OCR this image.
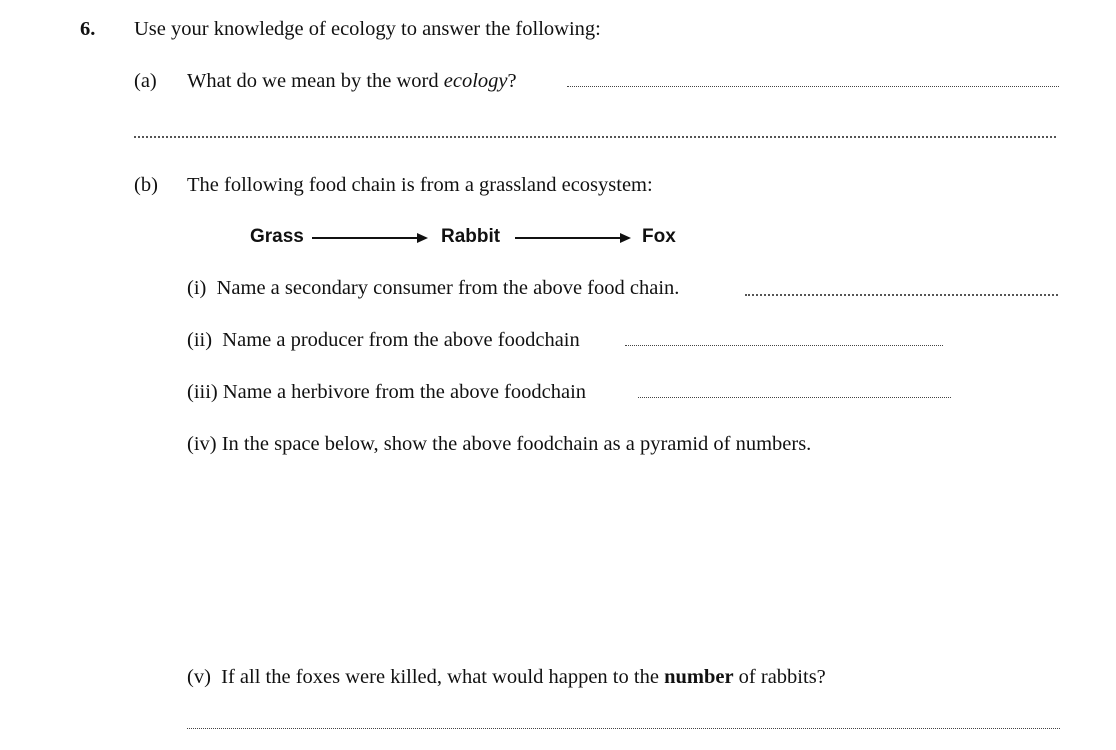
6. Use your knowledge of ecology to answer the following:
(a) What do we mean by the word ecology?
(b) The following food chain is from a grassland ecosystem:
Grass	Rabbit	Fox
(i) Name a secondary consumer from the above food chain.
(ii) Name a producer from the above foodchain
(iii) Name a herbivore from the above foodchain
(iv) In the space below, show the above foodchain as a pyramid of numbers.
(v) If all the foxes were killed, what would happen to the number of rabbits?
